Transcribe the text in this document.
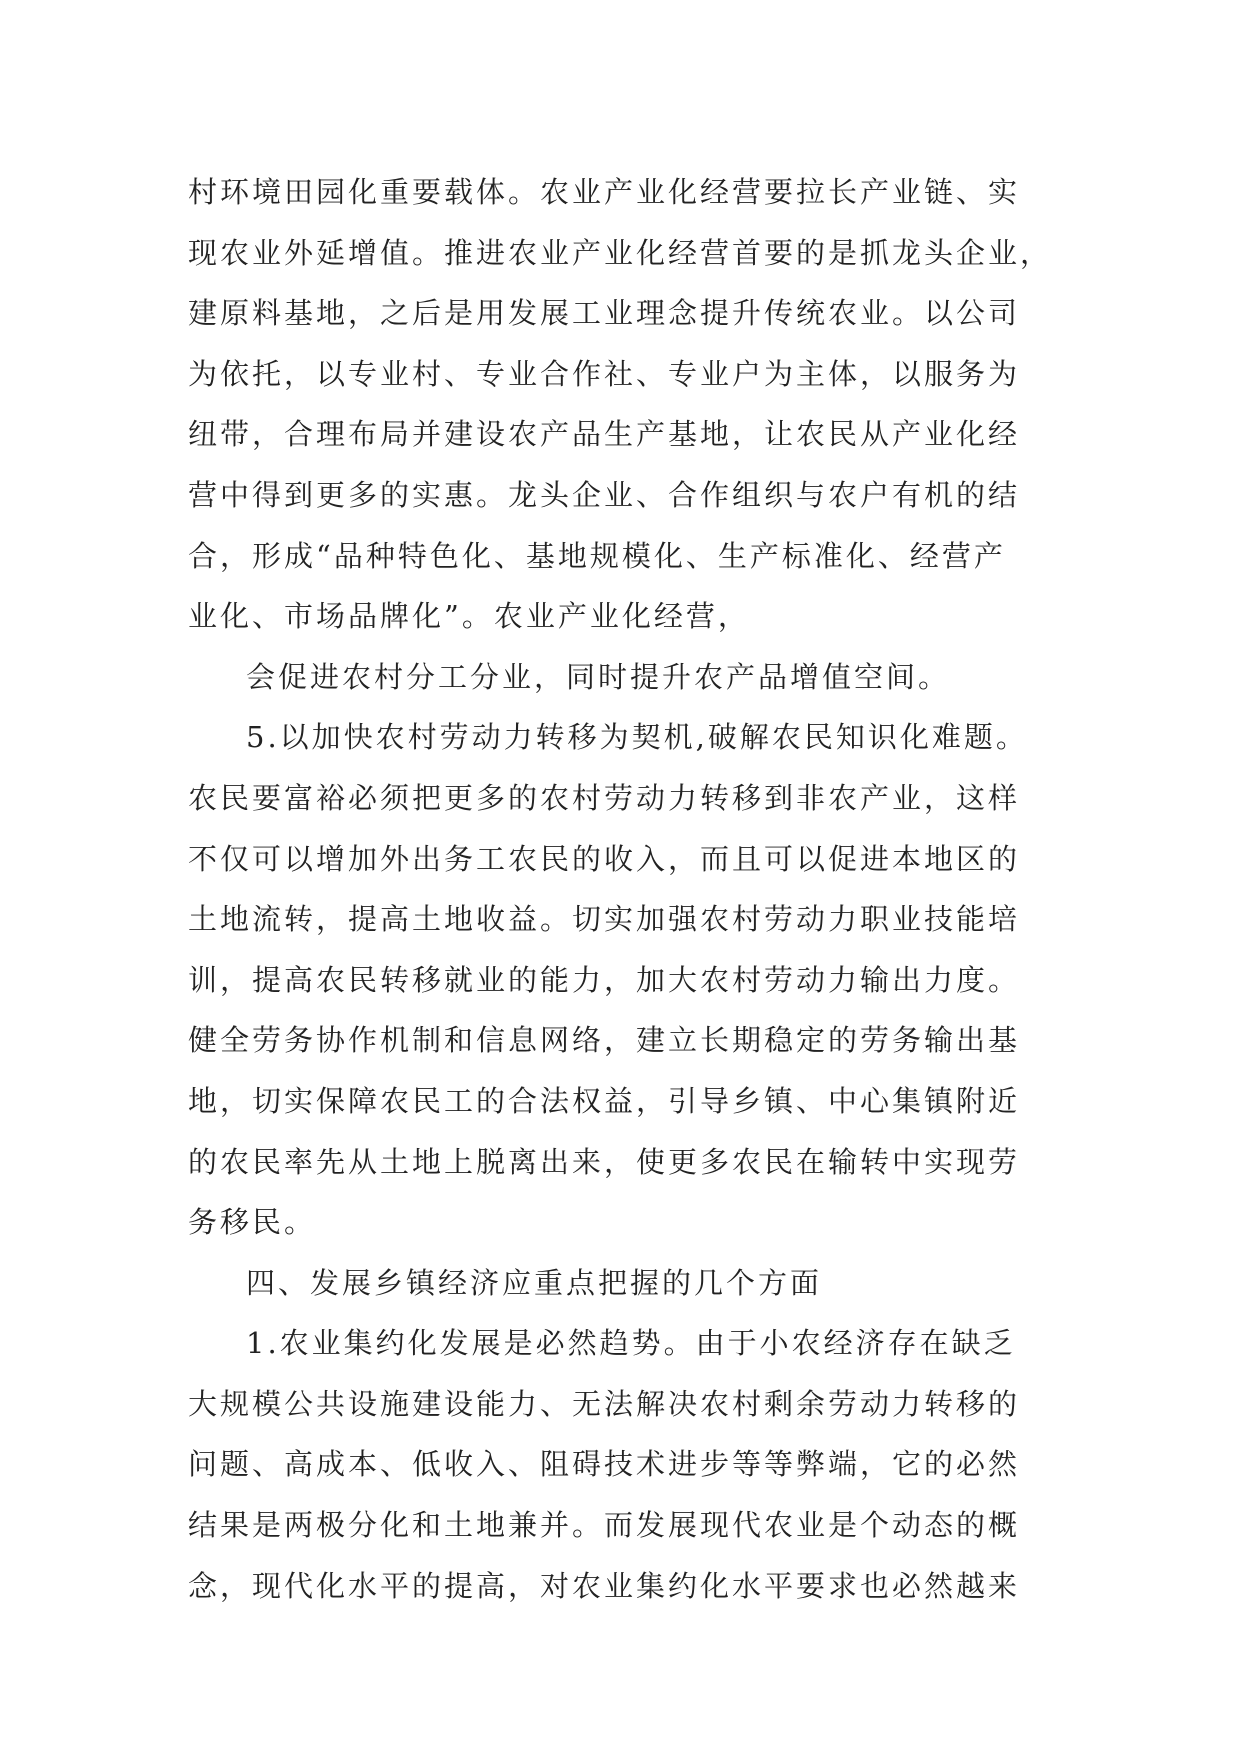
村环境田园化重要载体。农业产业化经营要拉长产业链、实
现农业外延增值。推进农业产业化经营首要的是抓龙头企业，
建原料基地，之后是用发展工业理念提升传统农业。以公司
为依托，以专业村、专业合作社、专业户为主体，以服务为
纽带，合理布局并建设农产品生产基地，让农民从产业化经
营中得到更多的实惠。龙头企业、合作组织与农户有机的结
合，形成“品种特色化、基地规模化、生产标准化、经营产
业化、市场品牌化”。农业产业化经营，
会促进农村分工分业，同时提升农产品增值空间。
5.以加快农村劳动力转移为契机,破解农民知识化难题。
农民要富裕必须把更多的农村劳动力转移到非农产业，这样
不仅可以增加外出务工农民的收入，而且可以促进本地区的
土地流转，提高土地收益。切实加强农村劳动力职业技能培
训，提高农民转移就业的能力，加大农村劳动力输出力度。
健全劳务协作机制和信息网络，建立长期稳定的劳务输出基
地，切实保障农民工的合法权益，引导乡镇、中心集镇附近
的农民率先从土地上脱离出来，使更多农民在输转中实现劳
务移民。
四、发展乡镇经济应重点把握的几个方面
1.农业集约化发展是必然趋势。由于小农经济存在缺乏
大规模公共设施建设能力、无法解决农村剩余劳动力转移的
问题、高成本、低收入、阻碍技术进步等等弊端，它的必然
结果是两极分化和土地兼并。而发展现代农业是个动态的概
念，现代化水平的提高，对农业集约化水平要求也必然越来
